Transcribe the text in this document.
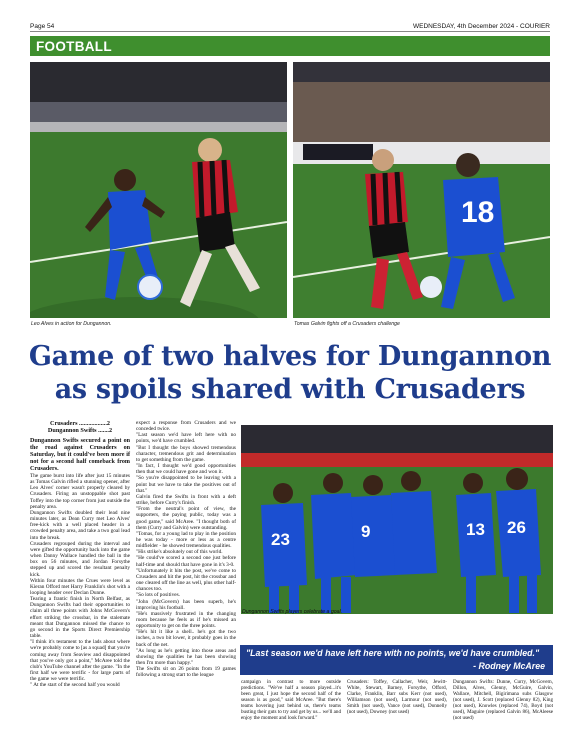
Page 54	WEDNESDAY, 4th December 2024 - COURIER
FOOTBALL
Leo Alves in action for Dungannon.
18
Tomas Galvin fights off a Crusaders challenge
Game of two halves for Dungannon
as spoils shared with Crusaders
Crusaders ..................2
Dungannon Swifts .......2

Dungannon Swifts secured a point on the road against Crusaders on Saturday, but it could've been more if not for a second half comeback from Crusaders.

The game burst into life after just 15 minutes as Tomas Galvin rifled a stunning opener, after Leo Alves' corner wasn't properly cleared by Crusaders. Firing an unstoppable shot past Toffey into the top corner from just outside the penalty area.

Dungannon Swifts doubled their lead nine minutes later, as Dean Curry met Leo Alves' free-kick with a well placed header in a crowded penalty area, and take a two goal lead into the break.

Crusaders regrouped during the interval and were gifted the opportunity back into the game when Danny Wallace handled the ball in the box on 56 minutes, and Jordan Forsythe stepped up and scored the resultant penalty kick.

Within four minutes the Crues were level as Kieran Offord met Harry Franklin's shot with a looping header over Declan Dunne.

Tearing a frantic finish in North Belfast, as Dungannon Swifts had their opportunities to claim all three points with Johns McGovern's effort striking the crossbar, in the stalemate meant that Dungannon missed the chance to go second in the Sports Direct Premiership table.

"I think it's testament to the lads about where we're probably come to [as a squad] that you're coming away from Seaview and disappointed that you've only got a point," McAree told the club's YouTube channel after the game. "In the first half we were terrific - for large parts of the game we were terrific.

" At the start of the second half you would

expect a response from Crusaders and we conceded twice.

"Last season we'd have left here with no points, we'd have crumbled.

"But I thought the boys showed tremendous character, tremendous grit and determination to get something from the game.

"In fact, I thought we'd good opportunities then that we could have gone and won it.

"So you're disappointed to be leaving with a point but we have to take the positives out of that."

Galvin fired the Swifts in front with a deft strike, before Curry's finish.

"From the neutral's point of view, the supporters, the paying public, today was a good game," said McAree. "I thought both of them (Curry and Galvin) were outstanding.

"Tomas, for a young lad to play in the position he was today - more or less as a centre midfielder - he showed tremendous qualities.

"His strike's absolutely out of this world.

"He could've scored a second one just before half-time and should that have gone in it's 3-0.

"Unfortunately it hits the post, we've come to Crusaders and hit the post, hit the crossbar and one cleared off the line as well, plus other half-chances too.

"So lots of positives.

"John (McGovern) has been superb, he's improving his football.

"He's massively frustrated in the changing room because he feels as if he's missed an opportunity to get on the three points.

"He's hit it like a shell.. he's got the two inches, a two bit lower, it probably goes in the back of the net.

"As long as he's getting into those areas and showing the qualities he has been showing then I'm more than happy."

The Swifts sit on 26 points from 19 games following a strong start to the league

23	9	13 26
Dungannon Swifts players celebrate a goal.
"Last season we'd have left here with no points, we'd have crumbled."
- Rodney McAree
campaign in contrast to more outside predictions. "We've half a season played...it's been great, I just hope the second half of the season is as good," said McAree. "But there's teams hovering just behind us, there's teams busting their guts to try and get by us... we'll and enjoy the moment and look forward."
Crusaders: Toffey, Callacher, Weir, Jewitt-White, Stewart, Barney, Forsythe, Offord, Clarke, Franklin, Barr subs Kerr (not used), Williamson (not used), Larmour (not used), Smith (not used), Vance (not used), Donnelly (not used), Downey (not used)
Dungannon Swifts: Dunne, Curry, McGovern, Dillon, Alves, Glenny, McGuire, Galvin, Wallace, Mitchell, Bigirimana subs Glasgow (not used), J. Scott (replaced Glenny 82), King (not used), Knowles (replaced 74), Boyd (not used), Maguire (replaced Galvin 86), McAleese (not used)
